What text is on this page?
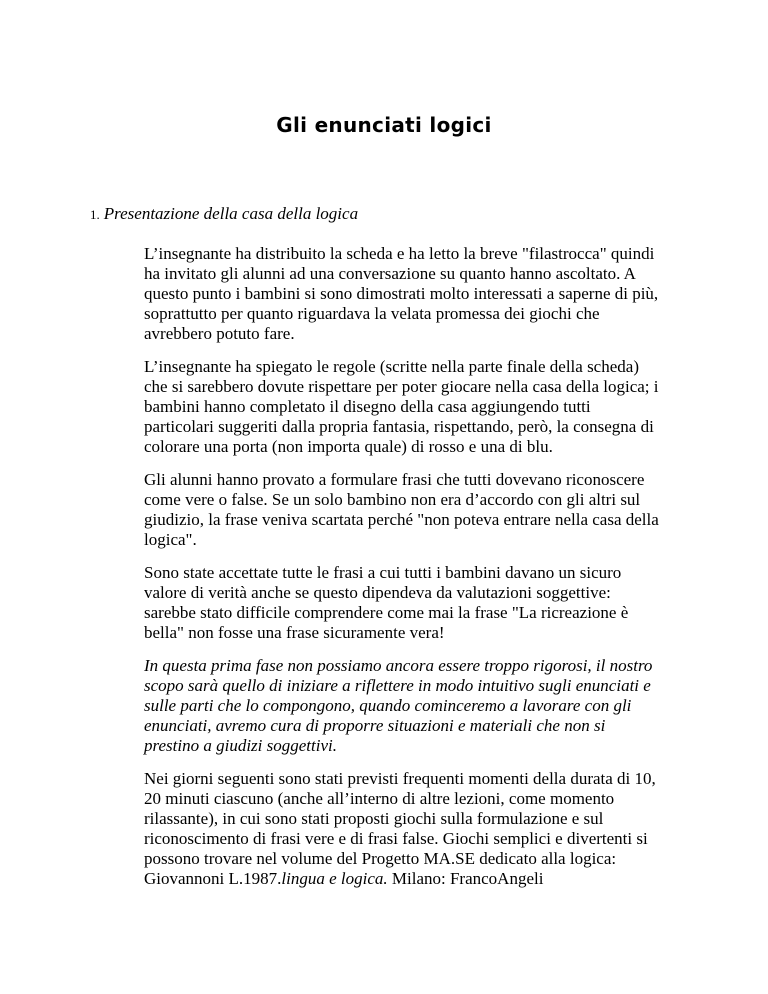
Gli enunciati logici

1. Presentazione della casa della logica

L’insegnante ha distribuito la scheda e ha letto la breve "filastrocca" quindi ha invitato gli alunni ad una conversazione su quanto hanno ascoltato. A questo punto i bambini si sono dimostrati molto interessati a saperne di più, soprattutto per quanto riguardava la velata promessa dei giochi che avrebbero potuto fare.

L’insegnante ha spiegato le regole (scritte nella parte finale della scheda) che si sarebbero dovute rispettare per poter giocare nella casa della logica; i bambini hanno completato il disegno della casa aggiungendo tutti particolari suggeriti dalla propria fantasia, rispettando, però, la consegna di colorare una porta (non importa quale) di rosso e una di blu.

Gli alunni hanno provato a formulare frasi che tutti dovevano riconoscere come vere o false. Se un solo bambino non era d’accordo con gli altri sul giudizio, la frase veniva scartata perché "non poteva entrare nella casa della logica".

Sono state accettate tutte le frasi a cui tutti i bambini davano un sicuro valore di verità anche se questo dipendeva da valutazioni soggettive: sarebbe stato difficile comprendere come mai la frase "La ricreazione è bella" non fosse una frase sicuramente vera!

In questa prima fase non possiamo ancora essere troppo rigorosi, il nostro scopo sarà quello di iniziare a riflettere in modo intuitivo sugli enunciati e sulle parti che lo compongono, quando cominceremo a lavorare con gli enunciati, avremo cura di proporre situazioni e materiali che non si prestino a giudizi soggettivi.

Nei giorni seguenti sono stati previsti frequenti momenti della durata di 10, 20 minuti ciascuno (anche all’interno di altre lezioni, come momento rilassante), in cui sono stati proposti giochi sulla formulazione e sul riconoscimento di frasi vere e di frasi false. Giochi semplici e divertenti si possono trovare nel volume del Progetto MA.SE dedicato alla logica: Giovannoni L.1987.lingua e logica. Milano: FrancoAngeli
